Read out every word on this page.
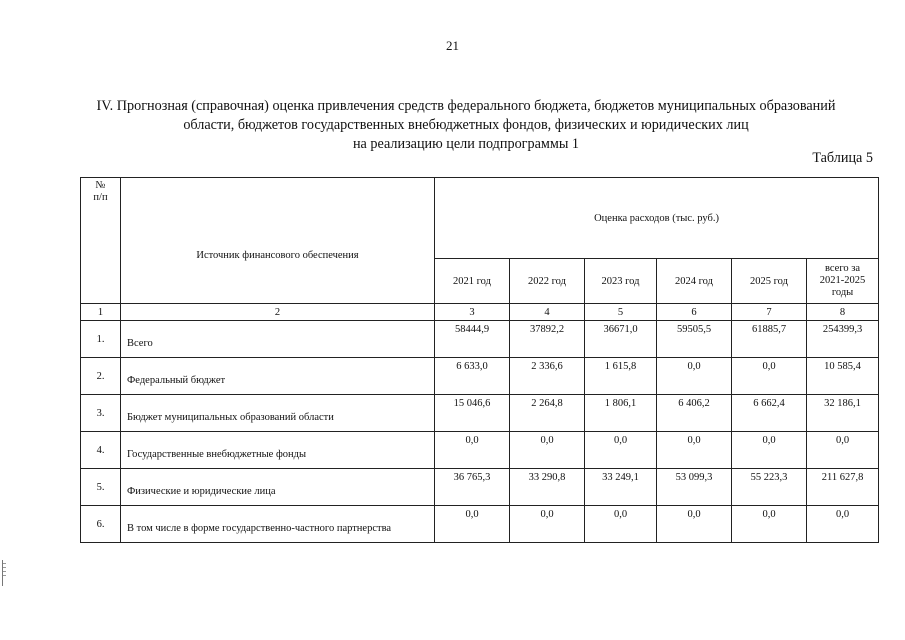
21
IV. Прогнозная (справочная) оценка привлечения средств федерального бюджета, бюджетов муниципальных образований
области, бюджетов государственных внебюджетных фондов, физических и юридических лиц
на реализацию цели подпрограммы 1
Таблица 5
№
п/п	Источник финансового обеспечения	Оценка расходов (тыс. руб.)					
		2021 год	2022 год	2023 год	2024 год	2025 год	всего за
2021-2025
годы

1	2	3	4	5	6	7	8
1.	Всего	58444,9	37892,2	36671,0	59505,5	61885,7	254399,3
2.	Федеральный бюджет	6 633,0	2 336,6	1 615,8	0,0	0,0	10 585,4
3.	Бюджет муниципальных образований области	15 046,6	2 264,8	1 806,1	6 406,2	6 662,4	32 186,1
4.	Государственные внебюджетные фонды	0,0	0,0	0,0	0,0	0,0	0,0
5.	Физические и юридические лица	36 765,3	33 290,8	33 249,1	53 099,3	55 223,3	211 627,8
6.	В том числе в форме государственно-частного партнерства	0,0	0,0	0,0	0,0	0,0	0,0
